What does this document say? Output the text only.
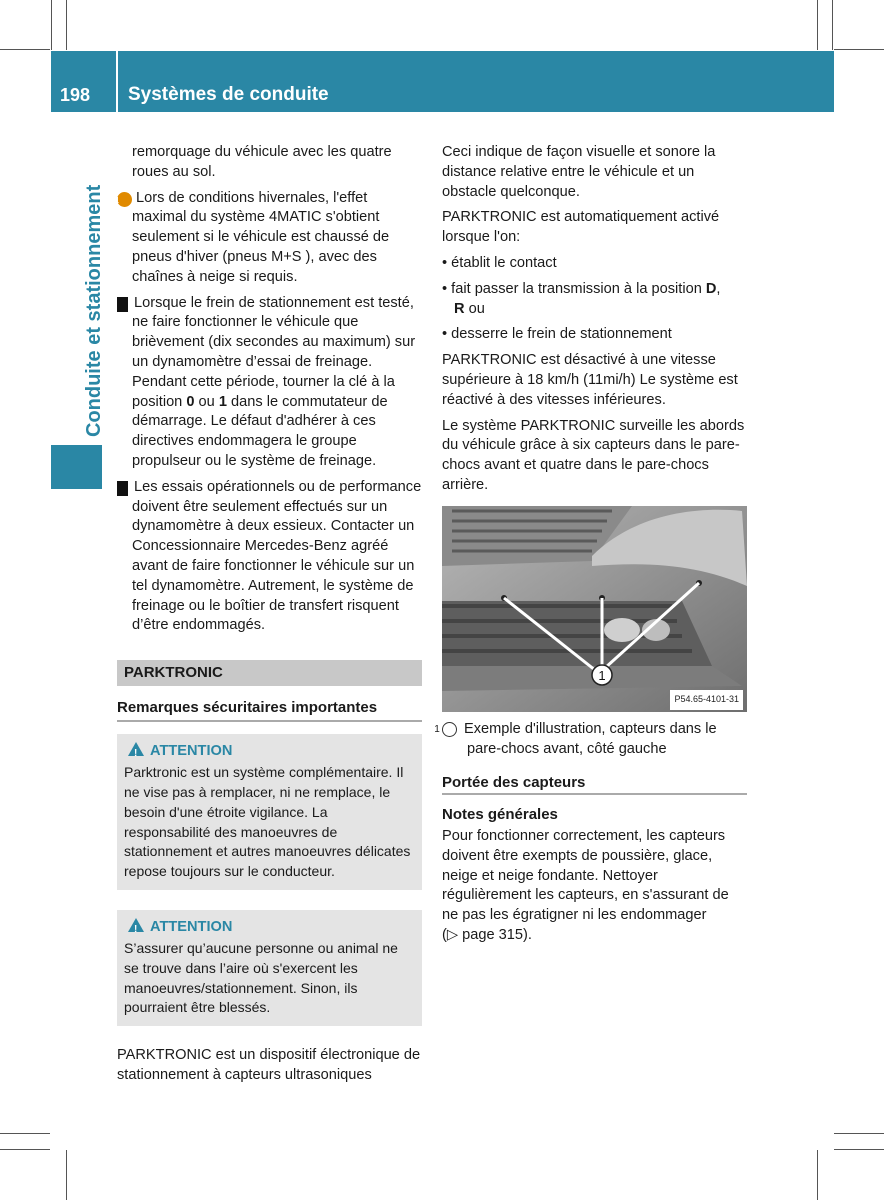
198 Systèmes de conduite
Conduite et stationnement

remorquage du véhicule avec les quatre roues au sol.

i Lors de conditions hivernales, l'effet maximal du système 4MATIC s'obtient seulement si le véhicule est chaussé de pneus d'hiver (pneus M+S ), avec des chaînes à neige si requis.

! Lorsque le frein de stationnement est testé, ne faire fonctionner le véhicule que brièvement (dix secondes au maximum) sur un dynamomètre d’essai de freinage. Pendant cette période, tourner la clé à la position 0 ou 1 dans le commutateur de démarrage. Le défaut d'adhérer à ces directives endommagera le groupe propulseur ou le système de freinage.

! Les essais opérationnels ou de performance doivent être seulement effectués sur un dynamomètre à deux essieux. Contacter un Concessionnaire Mercedes-Benz agréé avant de faire fonctionner le véhicule sur un tel dynamomètre. Autrement, le système de freinage ou le boîtier de transfert risquent d’être endommagés.

PARKTRONIC
Remarques sécuritaires importantes
!ATTENTION
Parktronic est un système complémentaire. Il ne vise pas à remplacer, ni ne remplace, le besoin d'une étroite vigilance. La responsabilité des manoeuvres de stationnement et autres manoeuvres délicates repose toujours sur le conducteur.
!ATTENTION
S’assurer qu’aucune personne ou animal ne se trouve dans l’aire où s'exercent les manoeuvres/stationnement. Sinon, ils pourraient être blessés.

PARKTRONIC est un dispositif électronique de stationnement à capteurs ultrasoniques

Ceci indique de façon visuelle et sonore la distance relative entre le véhicule et un obstacle quelconque.

PARKTRONIC est automatiquement activé lorsque l'on:

• établit le contact

• fait passer la transmission à la position D,
R ou

• desserre le frein de stationnement

PARKTRONIC est désactivé à une vitesse supérieure à 18 km/h (11mi/h) Le système est réactivé à des vitesses inférieures.

Le système PARKTRONIC surveille les abords du véhicule grâce à six capteurs dans le pare-chocs avant et quatre dans le pare-chocs arrière.

1
P54.65-4101-31

1 Exemple d'illustration, capteurs dans le pare-chocs avant, côté gauche

Portée des capteurs
Notes générales

Pour fonctionner correctement, les capteurs doivent être exempts de poussière, glace, neige et neige fondante. Nettoyer régulièrement les capteurs, en s'assurant de ne pas les égratigner ni les endommager
(▷ page 315).
